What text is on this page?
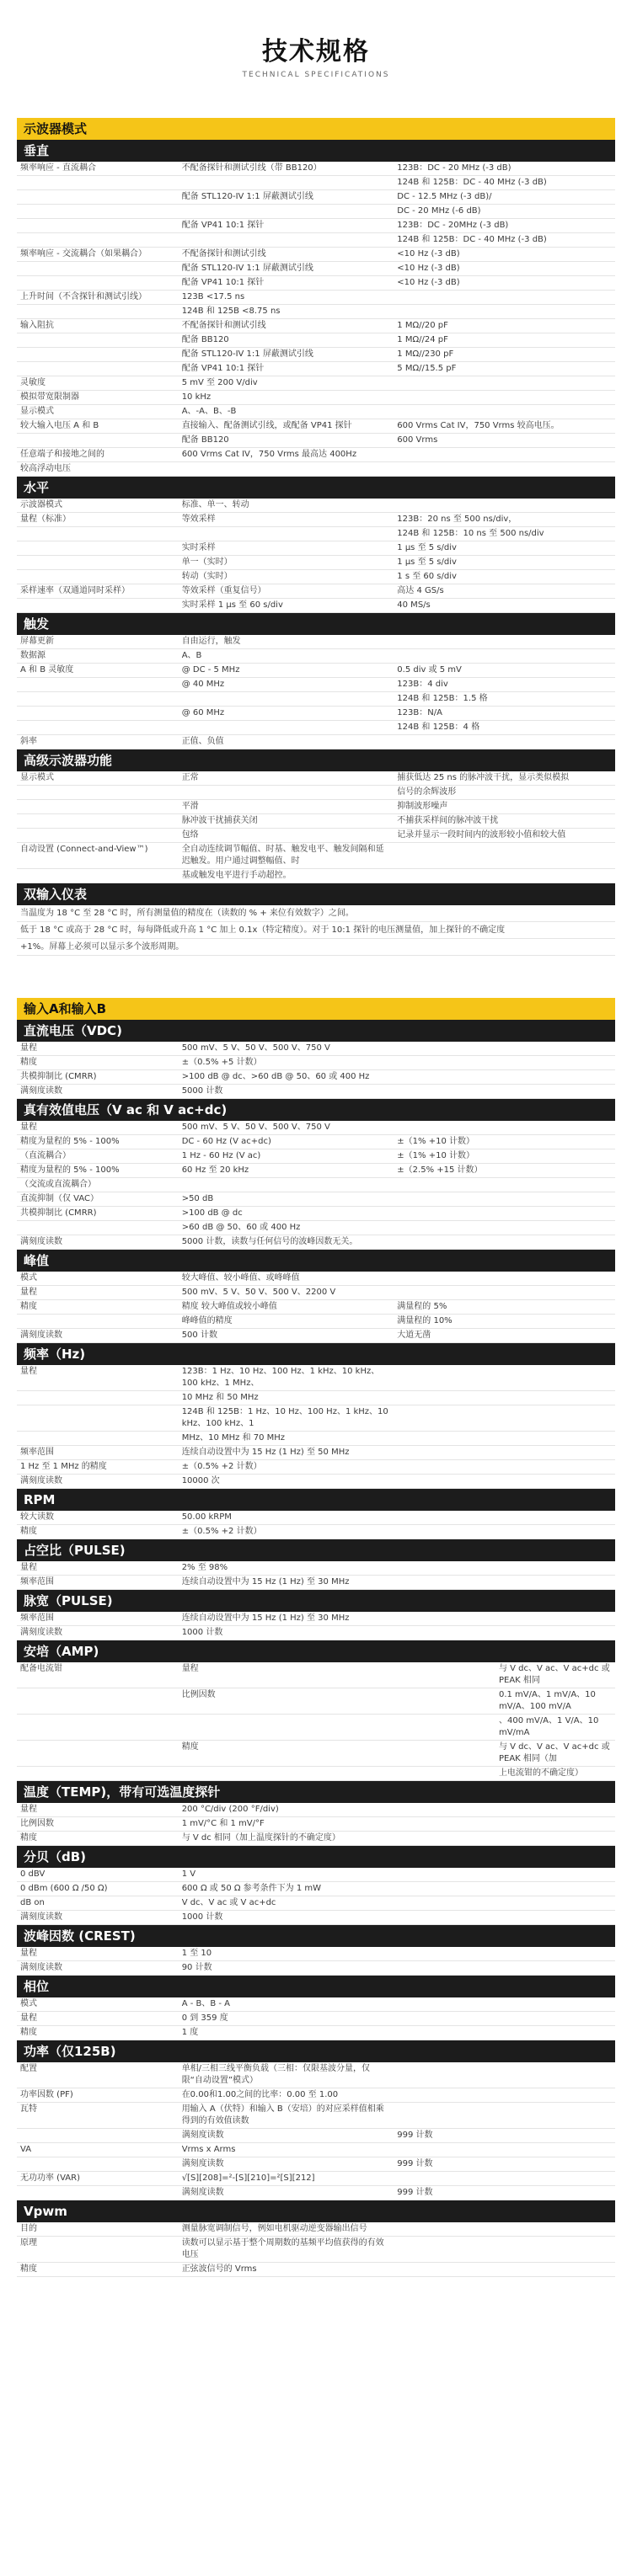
技术规格
TECHNICAL SPECIFICATIONS
示波器模式
垂直
频率响应 - 直流耦合	不配备探针和测试引线（带 BB120）	123B：DC - 20 MHz (-3 dB)
		124B 和 125B：DC - 40 MHz (-3 dB)
	配备 STL120-IV 1:1 屏蔽测试引线	DC - 12.5 MHz (-3 dB)/
		DC - 20 MHz (-6 dB)
	配备 VP41 10:1 探针	123B：DC - 20MHz (-3 dB)
		124B 和 125B：DC - 40 MHz (-3 dB)
频率响应 - 交流耦合（如果耦合）	不配备探针和测试引线	<10 Hz (-3 dB)
	配备 STL120-IV 1:1 屏蔽测试引线	<10 Hz (-3 dB)
	配备 VP41 10:1 探针	<10 Hz (-3 dB)
上升时间（不含探针和测试引线）	123B <17.5 ns	
	124B 和 125B <8.75 ns	
输入阻抗	不配备探针和测试引线	1 MΩ//20 pF
	配备 BB120	1 MΩ//24 pF
	配备 STL120-IV 1:1 屏蔽测试引线	1 MΩ//230 pF
	配备 VP41 10:1 探针	5 MΩ//15.5 pF
灵敏度	5 mV 至 200 V/div	
模拟带宽限制器	10 kHz	
显示模式	A、-A、B、-B	
较大输入电压 A 和 B	直接输入、配备测试引线，或配备 VP41 探针	600 Vrms Cat IV，750 Vrms 较高电压。
	配备 BB120	600 Vrms
任意端子和接地之间的	600 Vrms Cat IV，750 Vrms 最高达 400Hz	
较高浮动电压		
水平
示波器模式	标准、单一、转动	
量程（标准）	等效采样	123B：20 ns 至 500 ns/div，
		124B 和 125B：10 ns 至 500 ns/div
	实时采样	1 μs 至 5 s/div
	单一（实时）	1 μs 至 5 s/div
	转动（实时）	1 s 至 60 s/div
采样速率（双通道同时采样）	等效采样（重复信号）	高达 4 GS/s
	实时采样 1 μs 至 60 s/div	40 MS/s
触发
屏幕更新	自由运行，触发	
数据源	A、B	
A 和 B 灵敏度	@ DC - 5 MHz	0.5 div 或 5 mV
	@ 40 MHz	123B：4 div
		124B 和 125B：1.5 格
	@ 60 MHz	123B：N/A
		124B 和 125B：4 格
斜率	正值、负值	
高级示波器功能
显示模式	正常	捕获低达 25 ns 的脉冲波干扰，显示类似模拟
		信号的余辉波形
	平滑	抑制波形噪声
	脉冲波干扰捕获关闭	不捕获采样间的脉冲波干扰
	包络	记录并显示一段时间内的波形较小值和较大值
自动设置 (Connect-and-View™)	全自动连续调节幅值、时基、触发电平、触发间隔和延迟触发。用户通过调整幅值、时	
	基或触发电平进行手动超控。	
双输入仪表
当温度为 18 °C 至 28 °C 时，所有测量值的精度在（读数的 % + 来位有效数字）之间。
低于 18 °C 或高于 28 °C 时，每每降低或升高 1 °C 加上 0.1x（特定精度）。对于 10:1 探针的电压测量值，加上探针的不确定度
+1%。屏幕上必须可以显示多个波形周期。
输入A和输入B
直流电压（VDC)
量程	500 mV、5 V、50 V、500 V、750 V	
精度	±（0.5% +5 计数）	
共模抑制比 (CMRR)	>100 dB @ dc、>60 dB @ 50、60 或 400 Hz	
满刻度读数	5000 计数	
真有效值电压（V ac 和 V ac+dc)
量程	500 mV、5 V、50 V、500 V、750 V	
精度为量程的 5% - 100%	DC - 60 Hz (V ac+dc)	±（1% +10 计数）
（直流耦合）	1 Hz - 60 Hz (V ac)	±（1% +10 计数）
精度为量程的 5% - 100%	60 Hz 至 20 kHz	±（2.5% +15 计数）
（交流或直流耦合）		
直流抑制（仅 VAC）	>50 dB	
共模抑制比 (CMRR)	>100 dB @ dc	
	>60 dB @ 50、60 或 400 Hz	
满刻度读数	5000 计数，读数与任何信号的波峰因数无关。	
峰值
模式	较大峰值、较小峰值、或峰峰值	
量程	500 mV、5 V、50 V、500 V、2200 V	
精度	精度 较大峰值或较小峰值	满量程的 5%
	峰峰值的精度	满量程的 10%
满刻度读数	500 计数	大道无凿
频率（Hz)
量程	123B：1 Hz、10 Hz、100 Hz、1 kHz、10 kHz、100 kHz、1 MHz、	
	10 MHz 和 50 MHz	
	124B 和 125B：1 Hz、10 Hz、100 Hz、1 kHz、10 kHz、100 kHz、1	
	MHz、10 MHz 和 70 MHz	
频率范围	连续自动设置中为 15 Hz (1 Hz) 至 50 MHz	
1 Hz 至 1 MHz 的精度	±（0.5% +2 计数）	
满刻度读数	10000 次	
RPM
较大读数	50.00 kRPM	
精度	±（0.5% +2 计数）	
占空比（PULSE)
量程	2% 至 98%	
频率范围	连续自动设置中为 15 Hz (1 Hz) 至 30 MHz	
脉宽（PULSE)
频率范围	连续自动设置中为 15 Hz (1 Hz) 至 30 MHz	
满刻度读数	1000 计数	
安培（AMP)
配备电流钳	量程		与 V dc、V ac、V ac+dc 或 PEAK 相同
	比例因数		0.1 mV/A、1 mV/A、10 mV/A、100 mV/A
			、400 mV/A、1 V/A、10 mV/mA
	精度		与 V dc、V ac、V ac+dc 或 PEAK 相同（加
			上电流钳的不确定度）
温度（TEMP)，带有可选温度探针
量程	200 °C/div (200 °F/div)	
比例因数	1 mV/°C 和 1 mV/°F	
精度	与 V dc 相同（加上温度探针的不确定度）	
分贝（dB)
0 dBV	1 V	
0 dBm (600 Ω /50 Ω)	600 Ω 或 50 Ω 参考条件下为 1 mW	
dB on	V dc、V ac 或 V ac+dc	
满刻度读数	1000 计数	
波峰因数 (CREST)
量程	1 至 10	
满刻度读数	90 计数	
相位
模式	A - B、B - A	
量程	0 到 359 度	
精度	1 度	
功率（仅125B)
配置	单相/三相三线平衡负载（三相：仅限基波分量，仅限“自动设置”模式）		
功率因数 (PF)	在0.00和1.00之间的比率：0.00 至 1.00		
瓦特	用输入 A（伏特）和输入 B（安培）的对应采样值相乘得到的有效值读数		
	满刻度读数	999 计数	
VA	Vrms x Arms		
	满刻度读数	999 计数	
无功功率 (VAR)	√[S][208]=²-[S][210]=²[S][212]		
	满刻度读数	999 计数	
Vpwm
目的	测量脉宽调制信号，例如电机驱动逆变器输出信号	
原理	读数可以显示基于整个周期数的基频平均值获得的有效电压	
精度	正弦波信号的 Vrms	
